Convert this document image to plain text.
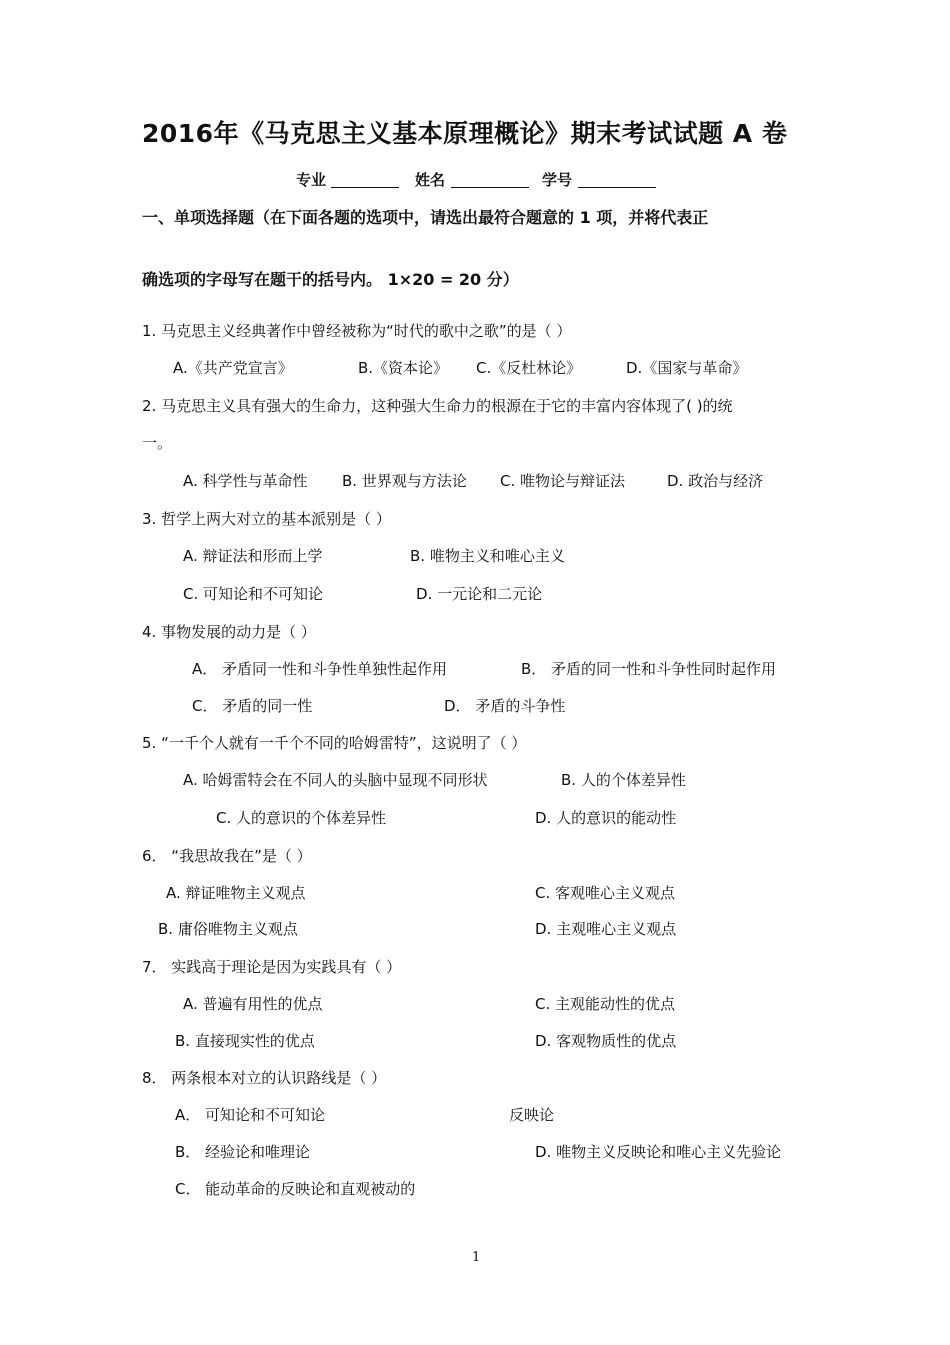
2016年《马克思主义基本原理概论》期末考试试题 A 卷
专业	姓名	学号
一、单项选择题（在下面各题的选项中，请选出最符合题意的 1 项，并将代表正
确选项的字母写在题干的括号内。 1×20 = 20 分）
1. 马克思主义经典著作中曾经被称为“时代的歌中之歌”的是（ ）
A.《共产党宣言》	B.《资本论》 C.《反杜林论》	D.《国家与革命》
2. 马克思主义具有强大的生命力，这种强大生命力的根源在于它的丰富内容体现了( )的统
一。
A. 科学性与革命性 B. 世界观与方法论 C. 唯物论与辩证法	D. 政治与经济
3. 哲学上两大对立的基本派别是（ ）
A. 辩证法和形而上学	B. 唯物主义和唯心主义
C. 可知论和不可知论	D. 一元论和二元论
4. 事物发展的动力是（ ）
A． 矛盾同一性和斗争性单独性起作用	B． 矛盾的同一性和斗争性同时起作用
C． 矛盾的同一性	D． 矛盾的斗争性
5. “一千个人就有一千个不同的哈姆雷特”，这说明了（ ）
A. 哈姆雷特会在不同人的头脑中显现不同形状	B. 人的个体差异性
C. 人的意识的个体差异性	D. 人的意识的能动性
6． “我思故我在”是（ ）
A. 辩证唯物主义观点	C. 客观唯心主义观点
B. 庸俗唯物主义观点	D. 主观唯心主义观点
7． 实践高于理论是因为实践具有（ ）
A. 普遍有用性的优点	C. 主观能动性的优点
B. 直接现实性的优点	D. 客观物质性的优点
8． 两条根本对立的认识路线是（ ）
A． 可知论和不可知论	反映论
B． 经验论和唯理论	D. 唯物主义反映论和唯心主义先验论
C． 能动革命的反映论和直观被动的
1
